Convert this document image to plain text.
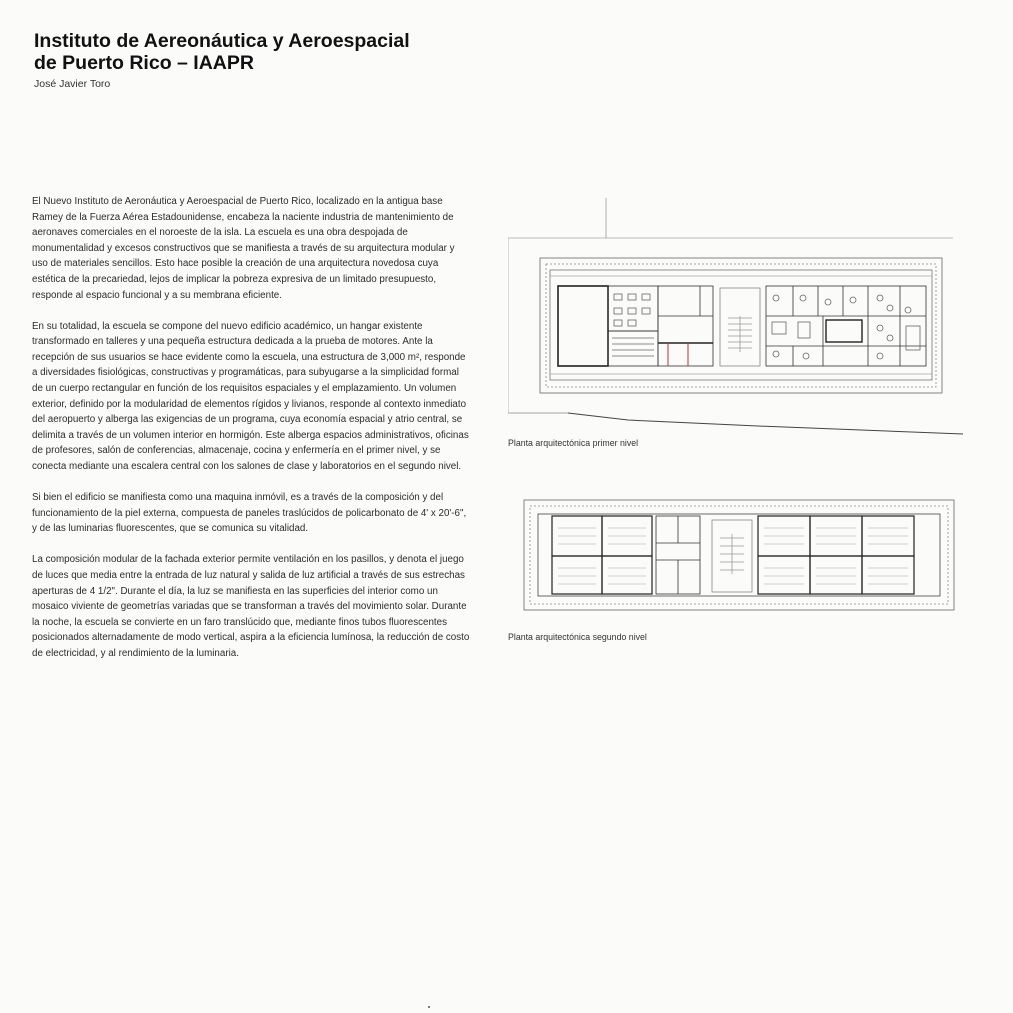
Instituto de Aereonáutica y Aeroespacial
de Puerto Rico – IAAPR
José Javier Toro

El Nuevo Instituto de Aeronáutica y Aeroespacial de Puerto Rico, localizado en la antigua base Ramey de la Fuerza Aérea Estadounidense, encabeza la naciente industria de mantenimiento de aeronaves comerciales en el noroeste de la isla. La escuela es una obra despojada de monumentalidad y excesos constructivos que se manifiesta a través de su arquitectura modular y uso de materiales sencillos. Esto hace posible la creación de una arquitectura novedosa cuya estética de la precariedad, lejos de implicar la pobreza expresiva de un limitado presupuesto, responde al espacio funcional y a su membrana eficiente.

En su totalidad, la escuela se compone del nuevo edificio académico, un hangar existente transformado en talleres y una pequeña estructura dedicada a la prueba de motores. Ante la recepción de sus usuarios se hace evidente como la escuela, una estructura de 3,000 m², responde a diversidades fisiológicas, constructivas y programáticas, para subyugarse a la simplicidad formal de un cuerpo rectangular en función de los requisitos espaciales y el emplazamiento. Un volumen exterior, definido por la modularidad de elementos rígidos y livianos, responde al contexto inmediato del aeropuerto y alberga las exigencias de un programa, cuya economía espacial y atrio central, se delimita a través de un volumen interior en hormigón. Este alberga espacios administrativos, oficinas de profesores, salón de conferencias, almacenaje, cocina y enfermería en el primer nivel, y se conecta mediante una escalera central con los salones de clase y laboratorios en el segundo nivel.

Si bien el edificio se manifiesta como una maquina inmóvil, es a través de la composición y del funcionamiento de la piel externa, compuesta de paneles traslúcidos de policarbonato de 4' x 20'-6", y de las luminarias fluorescentes, que se comunica su vitalidad.

La composición modular de la fachada exterior permite ventilación en los pasillos, y denota el juego de luces que media entre la entrada de luz natural y salida de luz artificial a través de sus estrechas aperturas de 4 1/2". Durante el día, la luz se manifiesta en las superficies del interior como un mosaico viviente de geometrías variadas que se transforman a través del movimiento solar. Durante la noche, la escuela se convierte en un faro translúcido que, mediante finos tubos fluorescentes posicionados alternadamente de modo vertical, aspira a la eficiencia lumínosa, la reducción de costo de electricidad, y al rendimiento de la luminaria.

Planta arquitectónica primer nivel
Planta arquitectónica segundo nivel
